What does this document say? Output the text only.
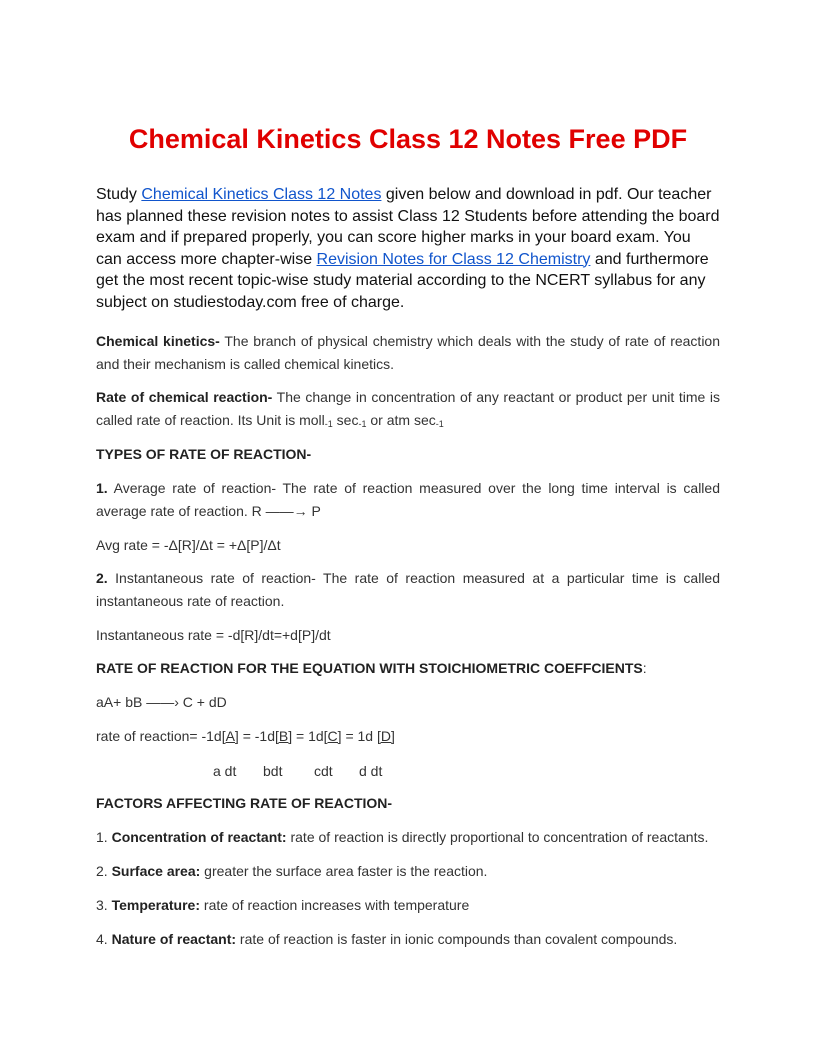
Chemical Kinetics Class 12 Notes Free PDF

Study Chemical Kinetics Class 12 Notes given below and download in pdf. Our teacher has planned these revision notes to assist Class 12 Students before attending the board exam and if prepared properly, you can score higher marks in your board exam. You can access more chapter-wise Revision Notes for Class 12 Chemistry and furthermore get the most recent topic-wise study material according to the NCERT syllabus for any subject on studiestoday.com free of charge.

Chemical kinetics- The branch of physical chemistry which deals with the study of rate of reaction and their mechanism is called chemical kinetics.

Rate of chemical reaction- The change in concentration of any reactant or product per unit time is called rate of reaction. Its Unit is moll$_{-1}$ $\sec_{-1}$ or atm $\sec_{-1}$

TYPES OF RATE OF REACTION-

1. Average rate of reaction- The rate of reaction measured over the long time interval is called average rate of reaction. R ——→ P

Avg rate = -Δ[R]/Δt = +Δ[P]/Δt

2. Instantaneous rate of reaction- The rate of reaction measured at a particular time is called instantaneous rate of reaction.

Instantaneous rate = -d[R]/dt=+d[P]/dt

RATE OF REACTION FOR THE EQUATION WITH STOICHIOMETRIC COEFFCIENTS:

aA+ bB ——› C + dD

rate of reaction= -1d[A] = -1d[B] = 1d[C] = 1d [D]

a dt bdt cdt d dt

FACTORS AFFECTING RATE OF REACTION-

1. Concentration of reactant: rate of reaction is directly proportional to concentration of reactants.

2. Surface area: greater the surface area faster is the reaction.

3. Temperature: rate of reaction increases with temperature

4. Nature of reactant: rate of reaction is faster in ionic compounds than covalent compounds.
